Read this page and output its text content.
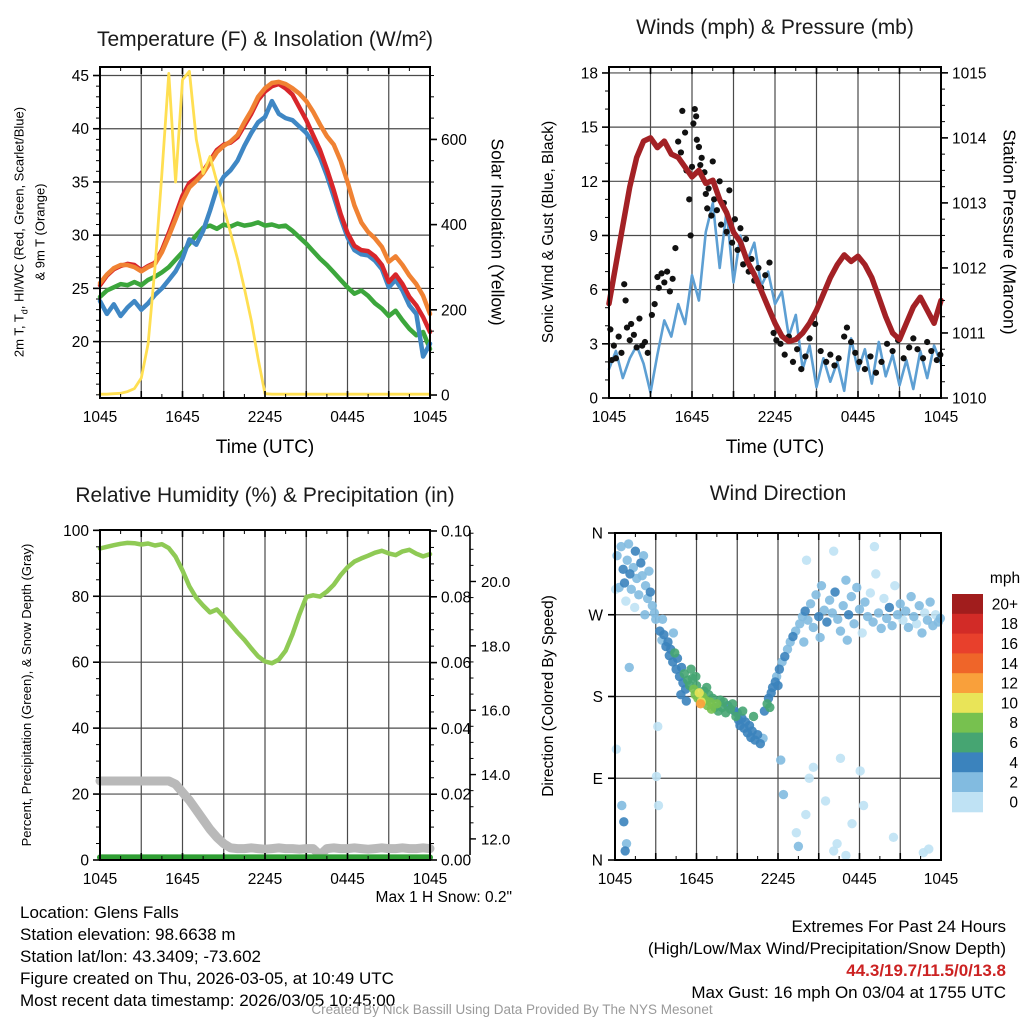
1045	1645	2245	0445	1045
20
25
30
35
40
45
0
200
400
600
1045	1645	2245	0445	1045
0
3
6
9
12
15
18
1010
1011
1012
1013
1014
1015
1045	1645	2245	0445	1045
0
20
40
60
80
100
0.00
0.02
0.04
0.06
0.08
0.10
12.0
14.0
16.0
18.0
20.0
N
W
S
E
N
1045	1645	2245	0445	1045
20+
18
16
14
12
10
8
6
4
2
0
Temperature (F) & Insolation (W/m²)
Winds (mph) & Pressure (mb)
Relative Humidity (%) & Precipitation (in)	Wind Direction
Time (UTC)	Time (UTC)
2m T, $T_d$, HI/WC (Red, Green, Scarlet/Blue) & 9m T (Orange)	Solar Insolation (Yellow) Sonic Wind & Gust (Blue, Black)	Station Pressure (Maroon)
Percent, Precipitation (Green), & Snow Depth (Gray)	Direction (Colored By Speed)
mph
Max 1 H Snow: 0.2"
Location: Glens Falls
Station elevation: 98.6638 m
Station lat/lon: 43.3409; -73.602
Figure created on Thu, 2026-03-05, at 10:49 UTC
Most recent data timestamp: 2026/03/05 10:45:00
Extremes For Past 24 Hours
(High/Low/Max Wind/Precipitation/Snow Depth)
44.3/19.7/11.5/0/13.8
Max Gust: 16 mph On 03/04 at 1755 UTC
Created By Nick Bassill Using Data Provided By The NYS Mesonet
